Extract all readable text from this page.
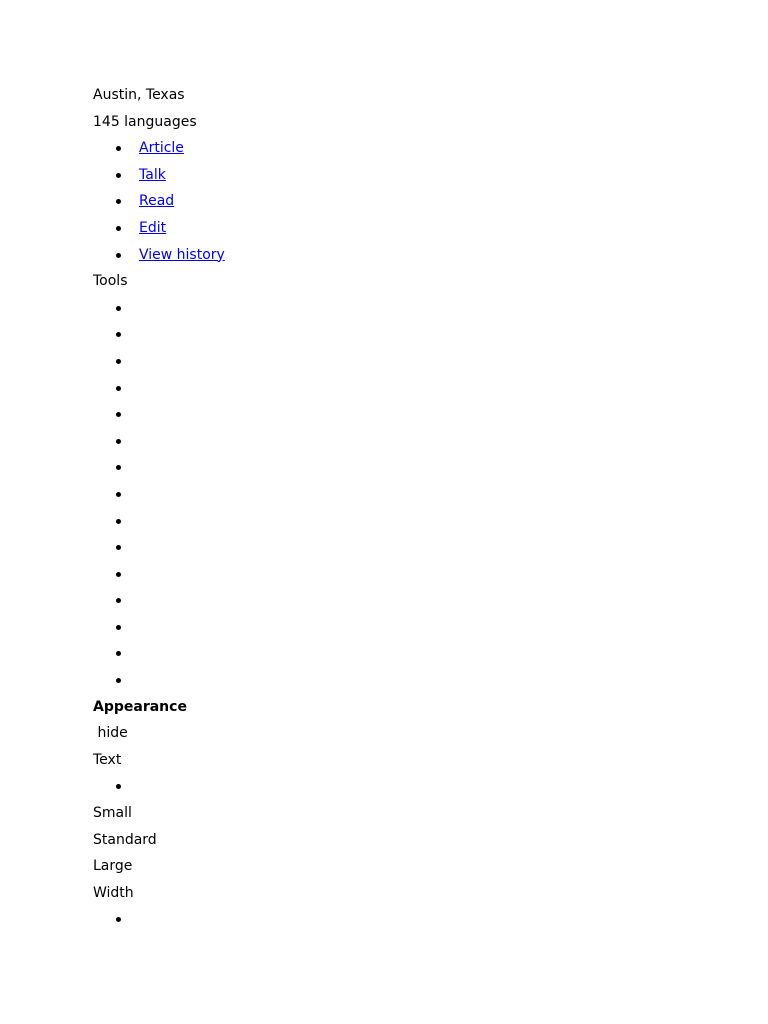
Austin, Texas
145 languages
Article
Talk
Read
Edit
View history
Tools
Appearance
hide
Text
Small
Standard
Large
Width
